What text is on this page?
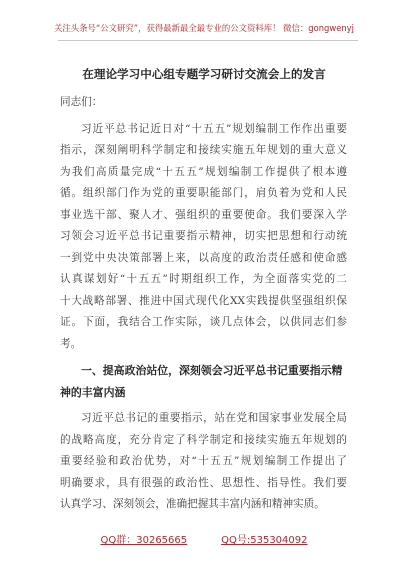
关注头条号“公文研究”，获得最新最全最专业的公文资料库！ 微信：gongwenyj
在理论学习中心组专题学习研讨交流会上的发言

同志们：

习近平总书记近日对“十五五”规划编制工作作出重要

指示，深刻阐明科学制定和接续实施五年规划的重大意义

为我们高质量完成“十五五”规划编制工作提供了根本遵

循。组织部门作为党的重要职能部门，肩负着为党和人民

事业选干部、聚人才、强组织的重要使命。我们要深入学

习领会习近平总书记重要指示精神，切实把思想和行动统

一到党中央决策部署上来，以高度的政治责任感和使命感

认真谋划好“十五五”时期组织工作，为全面落实党的二

十大战略部署、推进中国式现代化XX实践提供坚强组织保

证。下面，我结合工作实际，谈几点体会，以供同志们参

考。

一、提高政治站位，深刻领会习近平总书记重要指示精

神的丰富内涵

习近平总书记的重要指示，站在党和国家事业发展全局

的战略高度，充分肯定了科学制定和接续实施五年规划的

重要经验和政治优势，对“十五五”规划编制工作提出了

明确要求，具有很强的政治性、思想性、指导性。我们要

认真学习、深刻领会，准确把握其丰富内涵和精神实质。

QQ群：30265665	QQ号:535304092
